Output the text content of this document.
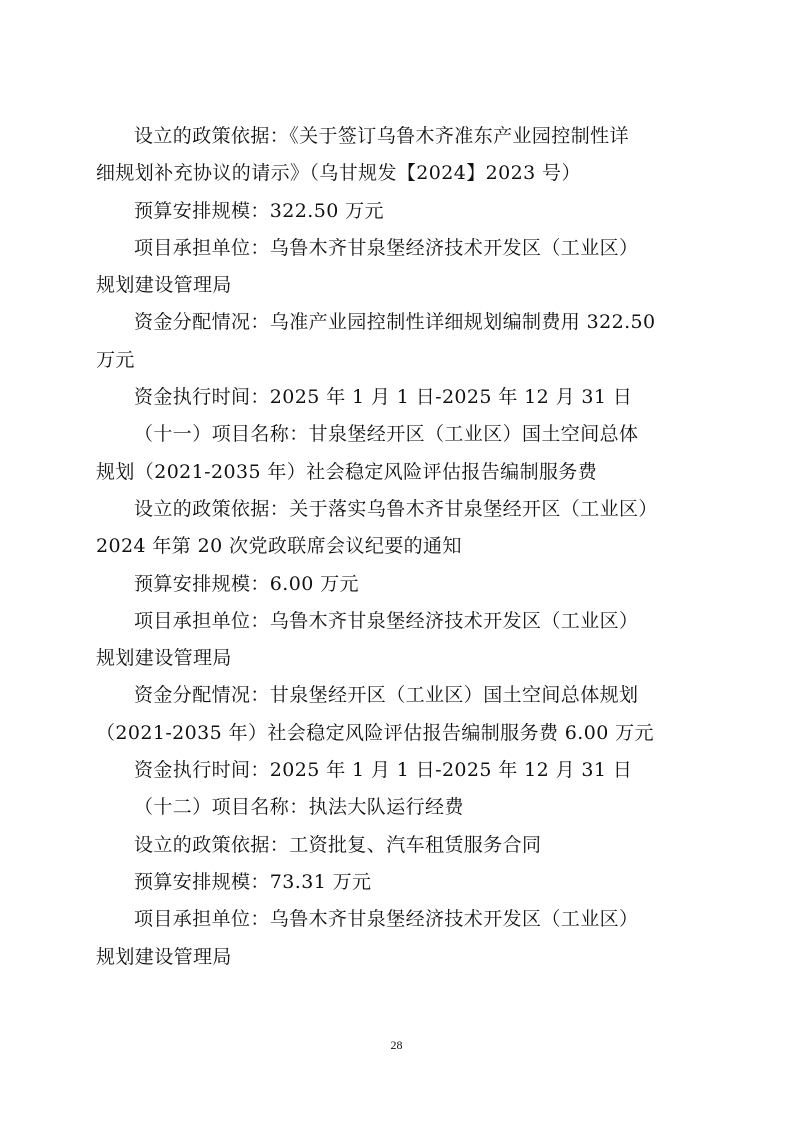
设立的政策依据：《关于签订乌鲁木齐准东产业园控制性详
细规划补充协议的请示》（乌甘规发【2024】2023 号）

预算安排规模：322.50 万元

项目承担单位：乌鲁木齐甘泉堡经济技术开发区（工业区）
规划建设管理局

资金分配情况：乌准产业园控制性详细规划编制费用 322.50
万元

资金执行时间：2025 年 1 月 1 日-2025 年 12 月 31 日

（十一）项目名称：甘泉堡经开区（工业区）国土空间总体
规划（2021-2035 年）社会稳定风险评估报告编制服务费

设立的政策依据：关于落实乌鲁木齐甘泉堡经开区（工业区）
2024 年第 20 次党政联席会议纪要的通知

预算安排规模：6.00 万元

项目承担单位：乌鲁木齐甘泉堡经济技术开发区（工业区）
规划建设管理局

资金分配情况：甘泉堡经开区（工业区）国土空间总体规划
（2021-2035 年）社会稳定风险评估报告编制服务费 6.00 万元

资金执行时间：2025 年 1 月 1 日-2025 年 12 月 31 日

（十二）项目名称：执法大队运行经费

设立的政策依据：工资批复、汽车租赁服务合同

预算安排规模：73.31 万元

项目承担单位：乌鲁木齐甘泉堡经济技术开发区（工业区）
规划建设管理局

28
